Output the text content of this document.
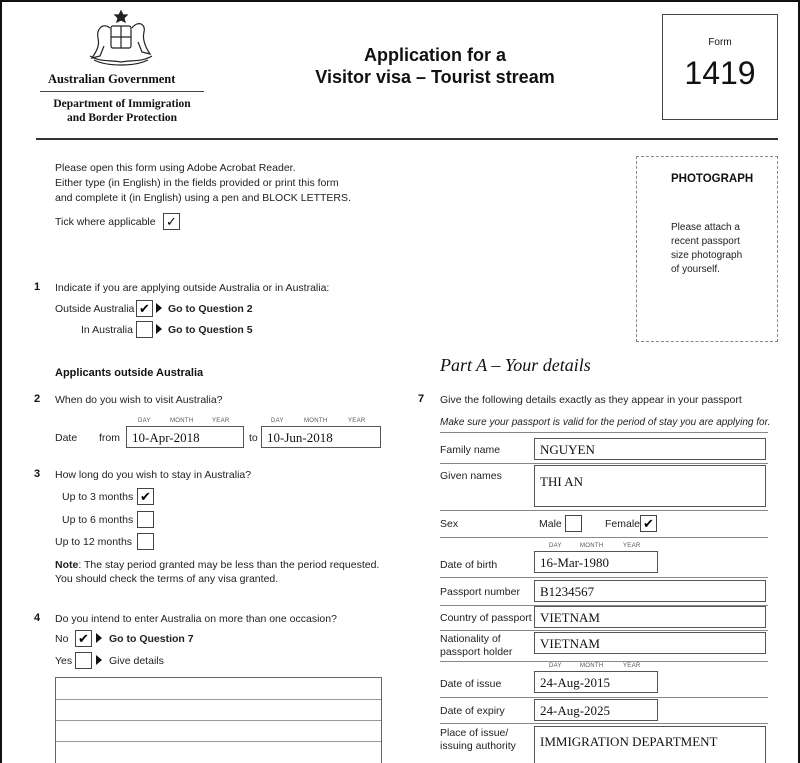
Australian Government
Department of Immigration
and Border Protection
Application for a
Visitor visa – Tourist stream
Form
1419
Please open this form using Adobe Acrobat Reader.
Either type (in English) in the fields provided or print this form
and complete it (in English) using a pen and BLOCK LETTERS.
Tick where applicable ✓
PHOTOGRAPH
Please attach a
recent passport
size photograph
of yourself.
1 Indicate if you are applying outside Australia or in Australia:
Outside Australia ✔ Go to Question 2
In Australia	Go to Question 5
Applicants outside Australia
2 When do you wish to visit Australia?
DAY	MONTH	YEAR	DAY	MONTH	YEAR
Date from 10-Apr-2018	to 10-Jun-2018
3 How long do you wish to stay in Australia?
Up to 3 months ✔
Up to 6 months
Up to 12 months
Note: The stay period granted may be less than the period requested.
You should check the terms of any visa granted.
4 Do you intend to enter Australia on more than one occasion?
No ✔ Go to Question 7
Yes	Give details
Part A – Your details
7 Give the following details exactly as they appear in your passport
Make sure your passport is valid for the period of stay you are applying for.
Family name	NGUYEN
Given names	THI AN
Sex	Male	Female ✔
DAY	MONTH	YEAR
Date of birth	16-Mar-1980
Passport number	B1234567
Country of passport VIETNAM
Nationality of
passport holder
VIETNAM
DAY	MONTH	YEAR
Date of issue	24-Aug-2015
Date of expiry	24-Aug-2025
Place of issue/
issuing authority	IMMIGRATION DEPARTMENT
